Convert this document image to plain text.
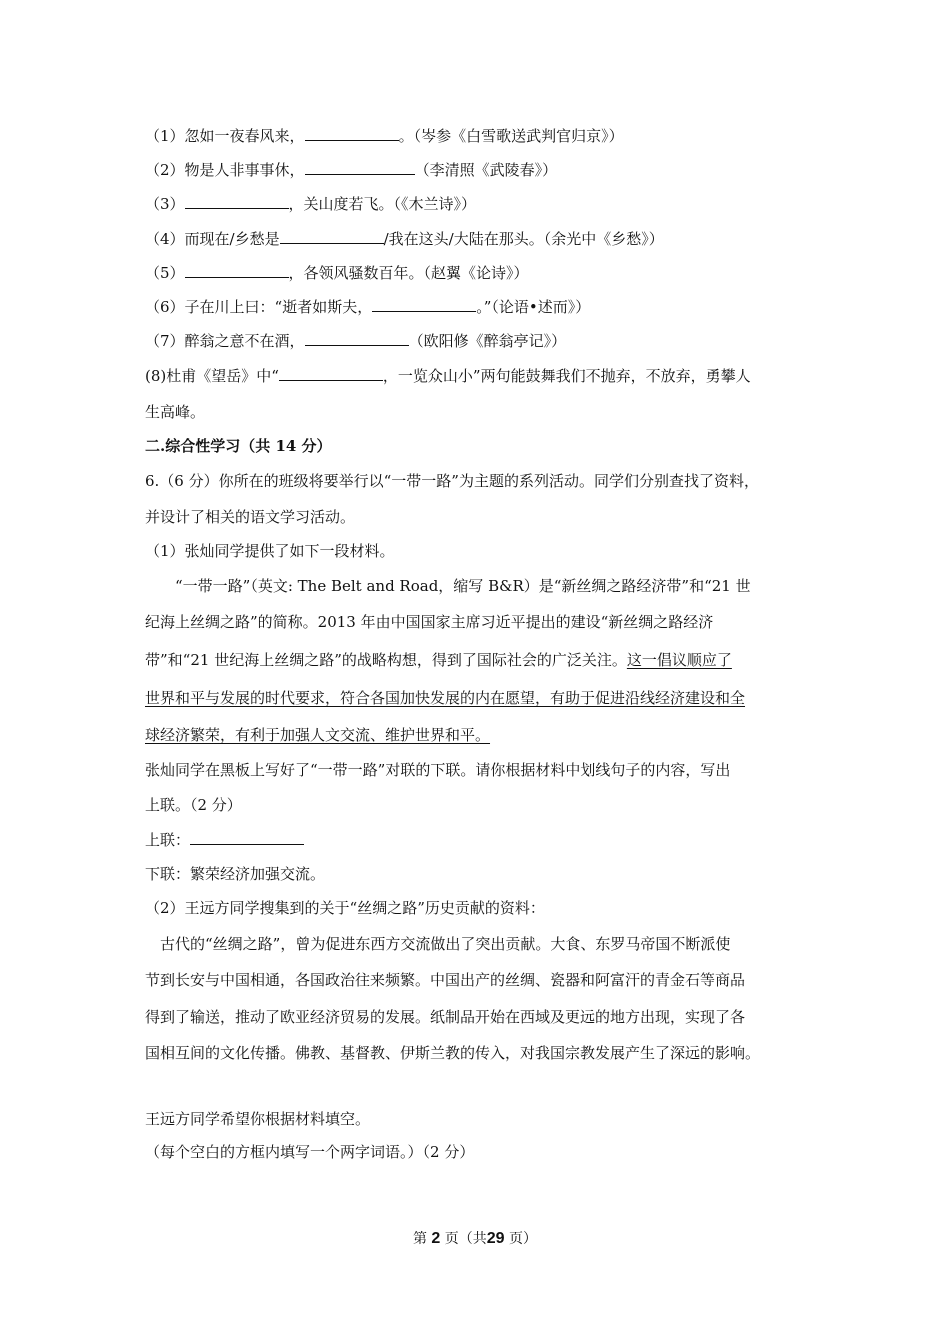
（1）忽如一夜春风来，	。（岑参《白雪歌送武判官归京》）
（2）物是人非事事休，	（李清照《武陵春》）
（3）	，关山度若飞。（《木兰诗》）
（4）而现在/乡愁是	/我在这头/大陆在那头。（余光中《乡愁》）
（5）	，各领风骚数百年。（赵翼《论诗》）
（6）子在川上曰：“逝者如斯夫，	。”（论语•述而》）
（7）醉翁之意不在酒，	（欧阳修《醉翁亭记》）
(8)杜甫《望岳》中“	，一览众山小”两句能鼓舞我们不抛弃，不放弃，勇攀人
生高峰。
二.综合性学习（共 14 分）
6.（6 分）你所在的班级将要举行以“一带一路”为主题的系列活动。同学们分别查找了资料，
并设计了相关的语文学习活动。
（1）张灿同学提供了如下一段材料。
“一带一路”（英文: The Belt and Road，缩写 B&R）是“新丝绸之路经济带”和“21 世
纪海上丝绸之路”的简称。2013 年由中国国家主席习近平提出的建设“新丝绸之路经济
带”和“21 世纪海上丝绸之路”的战略构想，得到了国际社会的广泛关注。这一倡议顺应了
世界和平与发展的时代要求，符合各国加快发展的内在愿望，有助于促进沿线经济建设和全
球经济繁荣，有利于加强人文交流、维护世界和平。
张灿同学在黑板上写好了“一带一路”对联的下联。请你根据材料中划线句子的内容，写出
上联。（2 分）
上联：
下联：繁荣经济加强交流。
（2）王远方同学搜集到的关于“丝绸之路”历史贡献的资料：
古代的“丝绸之路”，曾为促进东西方交流做出了突出贡献。大食、东罗马帝国不断派使
节到长安与中国相通，各国政治往来频繁。中国出产的丝绸、瓷器和阿富汗的青金石等商品
得到了输送，推动了欧亚经济贸易的发展。纸制品开始在西域及更远的地方出现，实现了各
国相互间的文化传播。佛教、基督教、伊斯兰教的传入，对我国宗教发展产生了深远的影响。
王远方同学希望你根据材料填空。
（每个空白的方框内填写一个两字词语。）（2 分）
第 2 页（共29 页）
